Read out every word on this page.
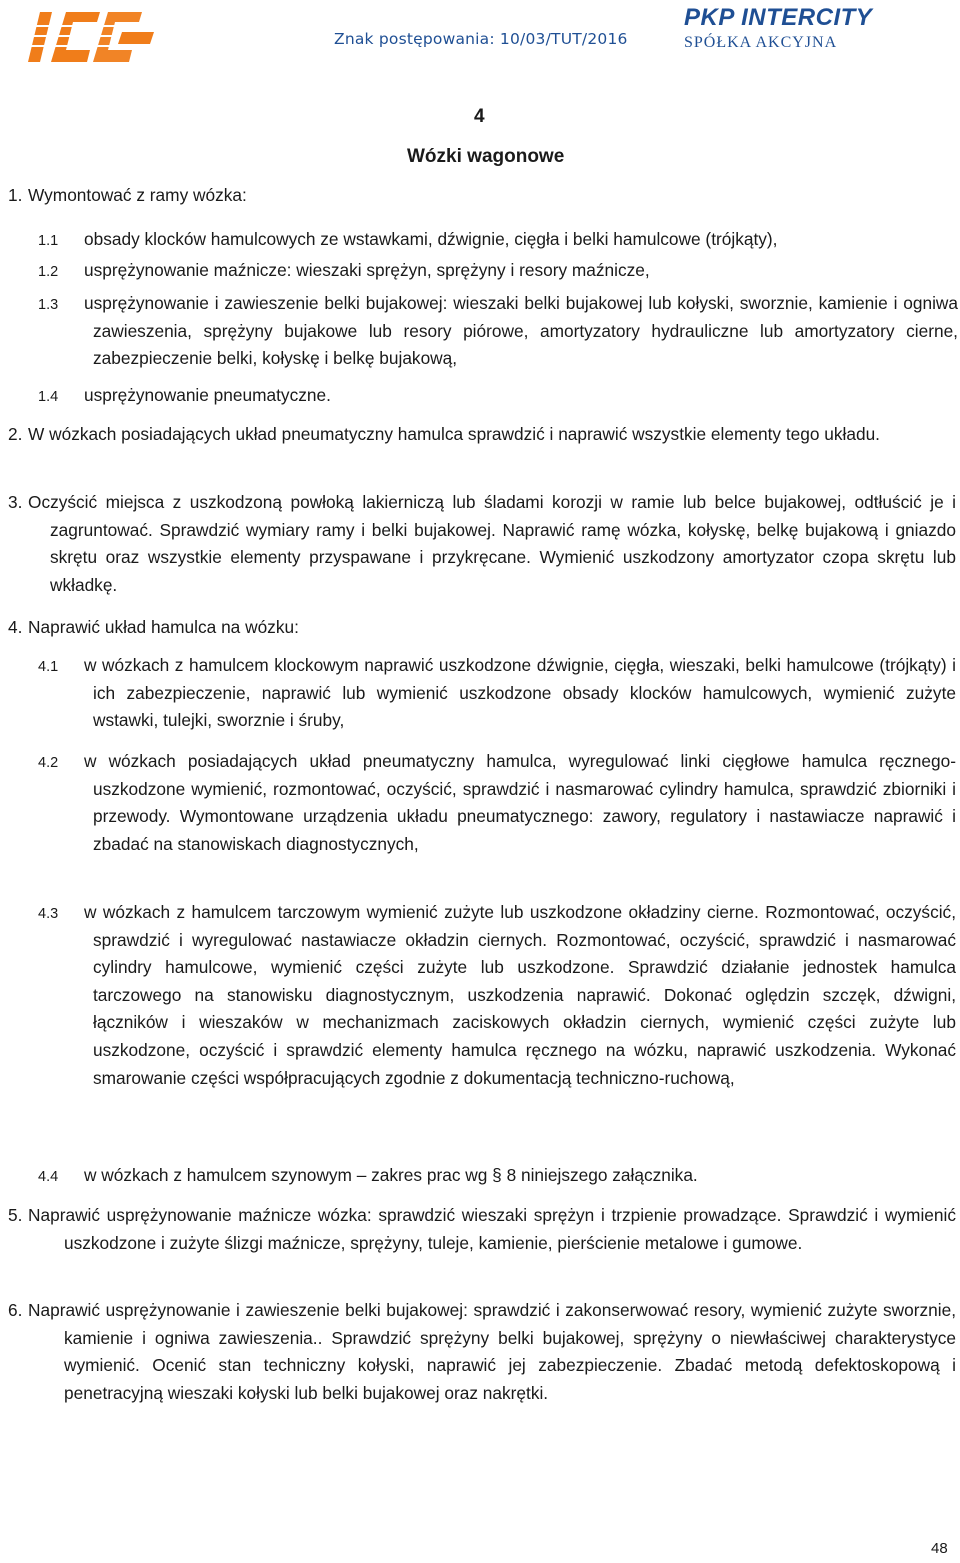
Znak postępowania: 10/03/TUT/2016
PKP INTERCITY
SPÓŁKA AKCYJNA
4
Wózki wagonowe
1. Wymontować z ramy wózka:
1.1 obsady klocków hamulcowych ze wstawkami, dźwignie, cięgła i belki hamulcowe (trójkąty),
1.2 usprężynowanie maźnicze: wieszaki sprężyn, sprężyny i resory maźnicze,
1.3 usprężynowanie i zawieszenie belki bujakowej: wieszaki belki bujakowej lub kołyski, sworznie, kamienie i ogniwa zawieszenia, sprężyny bujakowe lub resory piórowe, amortyzatory hydrauliczne lub amortyzatory cierne, zabezpieczenie belki, kołyskę i belkę bujakową,
1.4 usprężynowanie pneumatyczne.
2. W wózkach posiadających układ pneumatyczny hamulca sprawdzić i naprawić wszystkie elementy tego układu.
3. Oczyścić miejsca z uszkodzoną powłoką lakierniczą lub śladami korozji w ramie lub belce bujakowej, odtłuścić je i zagruntować. Sprawdzić wymiary ramy i belki bujakowej. Naprawić ramę wózka, kołyskę, belkę bujakową i gniazdo skrętu oraz wszystkie elementy przyspawane i przykręcane. Wymienić uszkodzony amortyzator czopa skrętu lub wkładkę.
4. Naprawić układ hamulca na wózku:
4.1 w wózkach z hamulcem klockowym naprawić uszkodzone dźwignie, cięgła, wieszaki, belki hamulcowe (trójkąty) i ich zabezpieczenie, naprawić lub wymienić uszkodzone obsady klocków hamulcowych, wymienić zużyte wstawki, tulejki, sworznie i śruby,
4.2 w wózkach posiadających układ pneumatyczny hamulca, wyregulować linki cięgłowe hamulca ręcznego-uszkodzone wymienić, rozmontować, oczyścić, sprawdzić i nasmarować cylindry hamulca, sprawdzić zbiorniki i przewody. Wymontowane urządzenia układu pneumatycznego: zawory, regulatory i nastawiacze naprawić i zbadać na stanowiskach diagnostycznych,
4.3 w wózkach z hamulcem tarczowym wymienić zużyte lub uszkodzone okładziny cierne. Rozmontować, oczyścić, sprawdzić i wyregulować nastawiacze okładzin ciernych. Rozmontować, oczyścić, sprawdzić i nasmarować cylindry hamulcowe, wymienić części zużyte lub uszkodzone. Sprawdzić działanie jednostek hamulca tarczowego na stanowisku diagnostycznym, uszkodzenia naprawić. Dokonać oględzin szczęk, dźwigni, łączników i wieszaków w mechanizmach zaciskowych okładzin ciernych, wymienić części zużyte lub uszkodzone, oczyścić i sprawdzić elementy hamulca ręcznego na wózku, naprawić uszkodzenia. Wykonać smarowanie części współpracujących zgodnie z dokumentacją techniczno-ruchową,
4.4 w wózkach z hamulcem szynowym – zakres prac wg § 8 niniejszego załącznika.
5. Naprawić usprężynowanie maźnicze wózka: sprawdzić wieszaki sprężyn i trzpienie prowadzące. Sprawdzić i wymienić uszkodzone i zużyte ślizgi maźnicze, sprężyny, tuleje, kamienie, pierścienie metalowe i gumowe.
6. Naprawić usprężynowanie i zawieszenie belki bujakowej: sprawdzić i zakonserwować resory, wymienić zużyte sworznie, kamienie i ogniwa zawieszenia.. Sprawdzić sprężyny belki bujakowej, sprężyny o niewłaściwej charakterystyce wymienić. Ocenić stan techniczny kołyski, naprawić jej zabezpieczenie. Zbadać metodą defektoskopową i penetracyjną wieszaki kołyski lub belki bujakowej oraz nakrętki.
48
